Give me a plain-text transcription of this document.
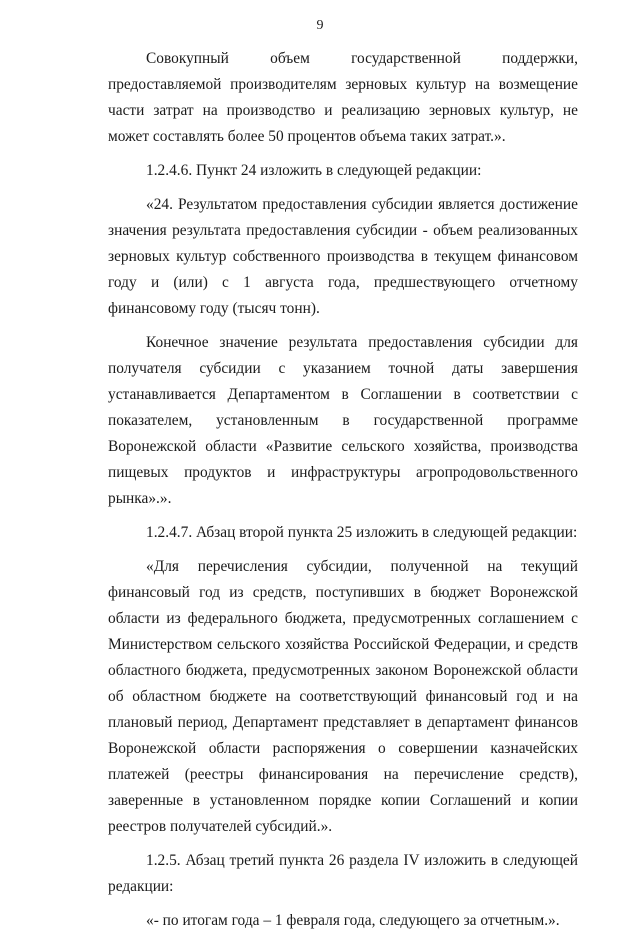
9

Совокупный объем государственной поддержки, предоставляемой производителям зерновых культур на возмещение части затрат на производство и реализацию зерновых культур, не может составлять более 50 процентов объема таких затрат.».

1.2.4.6. Пункт 24 изложить в следующей редакции:

«24. Результатом предоставления субсидии является достижение значения результата предоставления субсидии - объем реализованных зерновых культур собственного производства в текущем финансовом году и (или) с 1 августа года, предшествующего отчетному финансовому году (тысяч тонн).

Конечное значение результата предоставления субсидии для получателя субсидии с указанием точной даты завершения устанавливается Департаментом в Соглашении в соответствии с показателем, установленным в государственной программе Воронежской области «Развитие сельского хозяйства, производства пищевых продуктов и инфраструктуры агропродовольственного рынка».».

1.2.4.7. Абзац второй пункта 25 изложить в следующей редакции:

«Для перечисления субсидии, полученной на текущий финансовый год из средств, поступивших в бюджет Воронежской области из федерального бюджета, предусмотренных соглашением с Министерством сельского хозяйства Российской Федерации, и средств областного бюджета, предусмотренных законом Воронежской области об областном бюджете на соответствующий финансовый год и на плановый период, Департамент представляет в департамент финансов Воронежской области распоряжения о совершении казначейских платежей (реестры финансирования на перечисление средств), заверенные в установленном порядке копии Соглашений и копии реестров получателей субсидий.».

1.2.5. Абзац третий пункта 26 раздела IV изложить в следующей редакции:

«- по итогам года – 1 февраля года, следующего за отчетным.».
